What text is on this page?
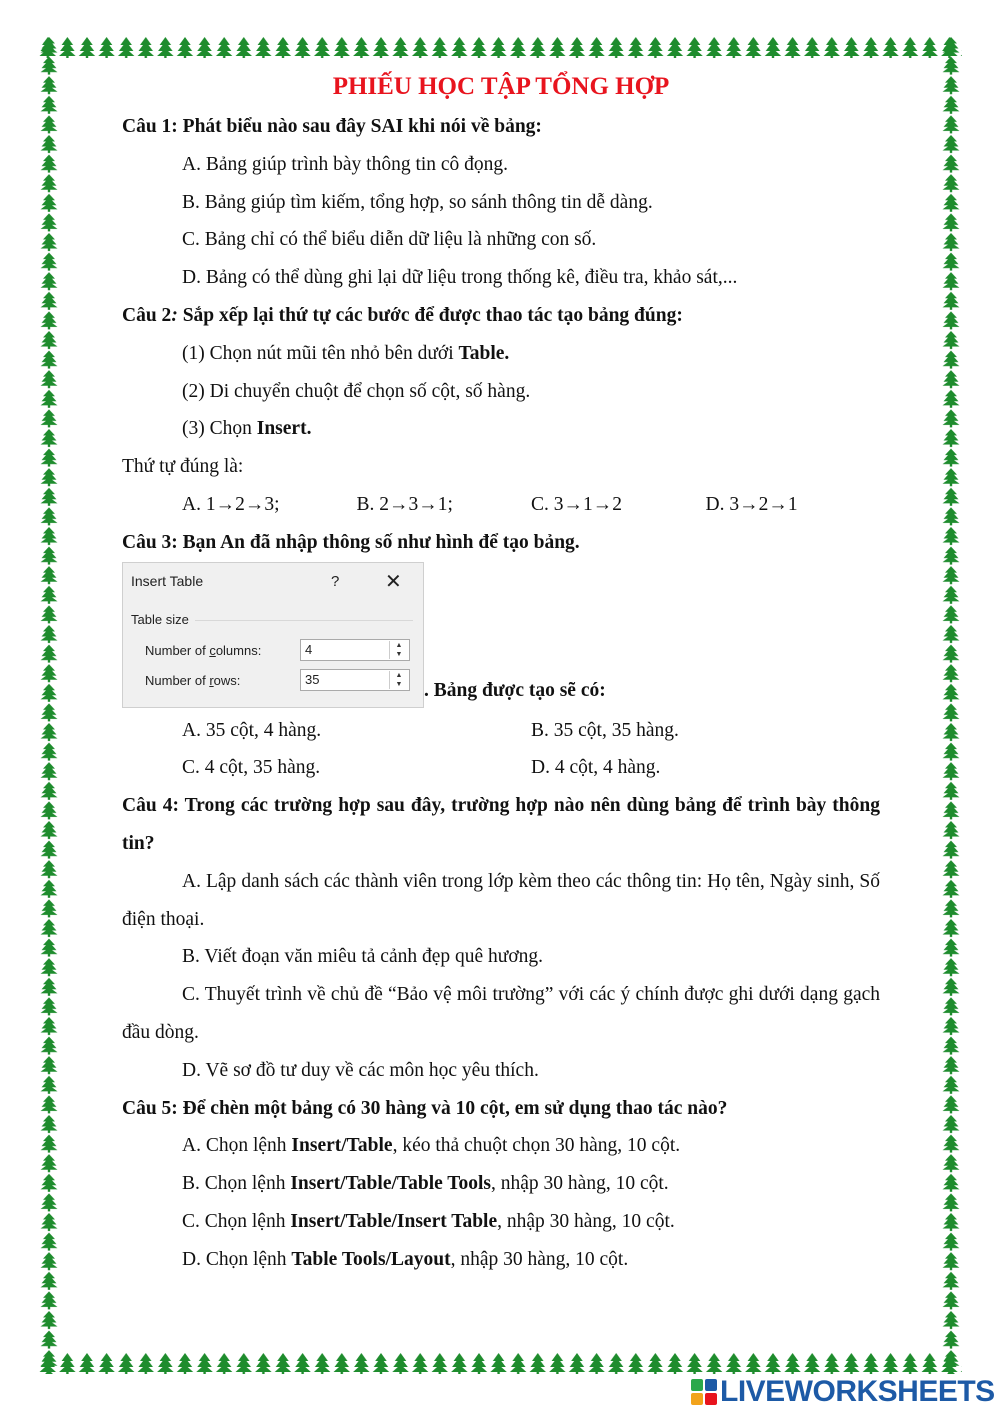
PHIẾU HỌC TẬP TỔNG HỢP

Câu 1: Phát biểu nào sau đây SAI khi nói về bảng:

A. Bảng giúp trình bày thông tin cô đọng.

B. Bảng giúp tìm kiếm, tổng hợp, so sánh thông tin dễ dàng.

C. Bảng chỉ có thể biểu diễn dữ liệu là những con số.

D. Bảng có thể dùng ghi lại dữ liệu trong thống kê, điều tra, khảo sát,...

Câu 2: Sắp xếp lại thứ tự các bước để được thao tác tạo bảng đúng:

(1) Chọn nút mũi tên nhỏ bên dưới Table.

(2) Di chuyển chuột để chọn số cột, số hàng.

(3) Chọn Insert.

Thứ tự đúng là:

A. 1→2→3;	B. 2→3→1;	C. 3→1→2	D. 3→2→1

Câu 3: Bạn An đã nhập thông số như hình để tạo bảng.

Insert Table	? ✕
Table size
Number of columns:	4	▲
▼
Number of rows:	35	▲
▼ . Bảng được tạo sẽ có:
A. 35 cột, 4 hàng.	B. 35 cột, 35 hàng.
C. 4 cột, 35 hàng.	D. 4 cột, 4 hàng.

Câu 4: Trong các trường hợp sau đây, trường hợp nào nên dùng bảng để trình bày thông tin?

A. Lập danh sách các thành viên trong lớp kèm theo các thông tin: Họ tên, Ngày sinh, Số điện thoại.

B. Viết đoạn văn miêu tả cảnh đẹp quê hương.

C. Thuyết trình về chủ đề “Bảo vệ môi trường” với các ý chính được ghi dưới dạng gạch đầu dòng.

D. Vẽ sơ đồ tư duy về các môn học yêu thích.

Câu 5: Để chèn một bảng có 30 hàng và 10 cột, em sử dụng thao tác nào?

A. Chọn lệnh Insert/Table, kéo thả chuột chọn 30 hàng, 10 cột.

B. Chọn lệnh Insert/Table/Table Tools, nhập 30 hàng, 10 cột.

C. Chọn lệnh Insert/Table/Insert Table, nhập 30 hàng, 10 cột.

D. Chọn lệnh Table Tools/Layout, nhập 30 hàng, 10 cột.

LIVEWORKSHEETS
